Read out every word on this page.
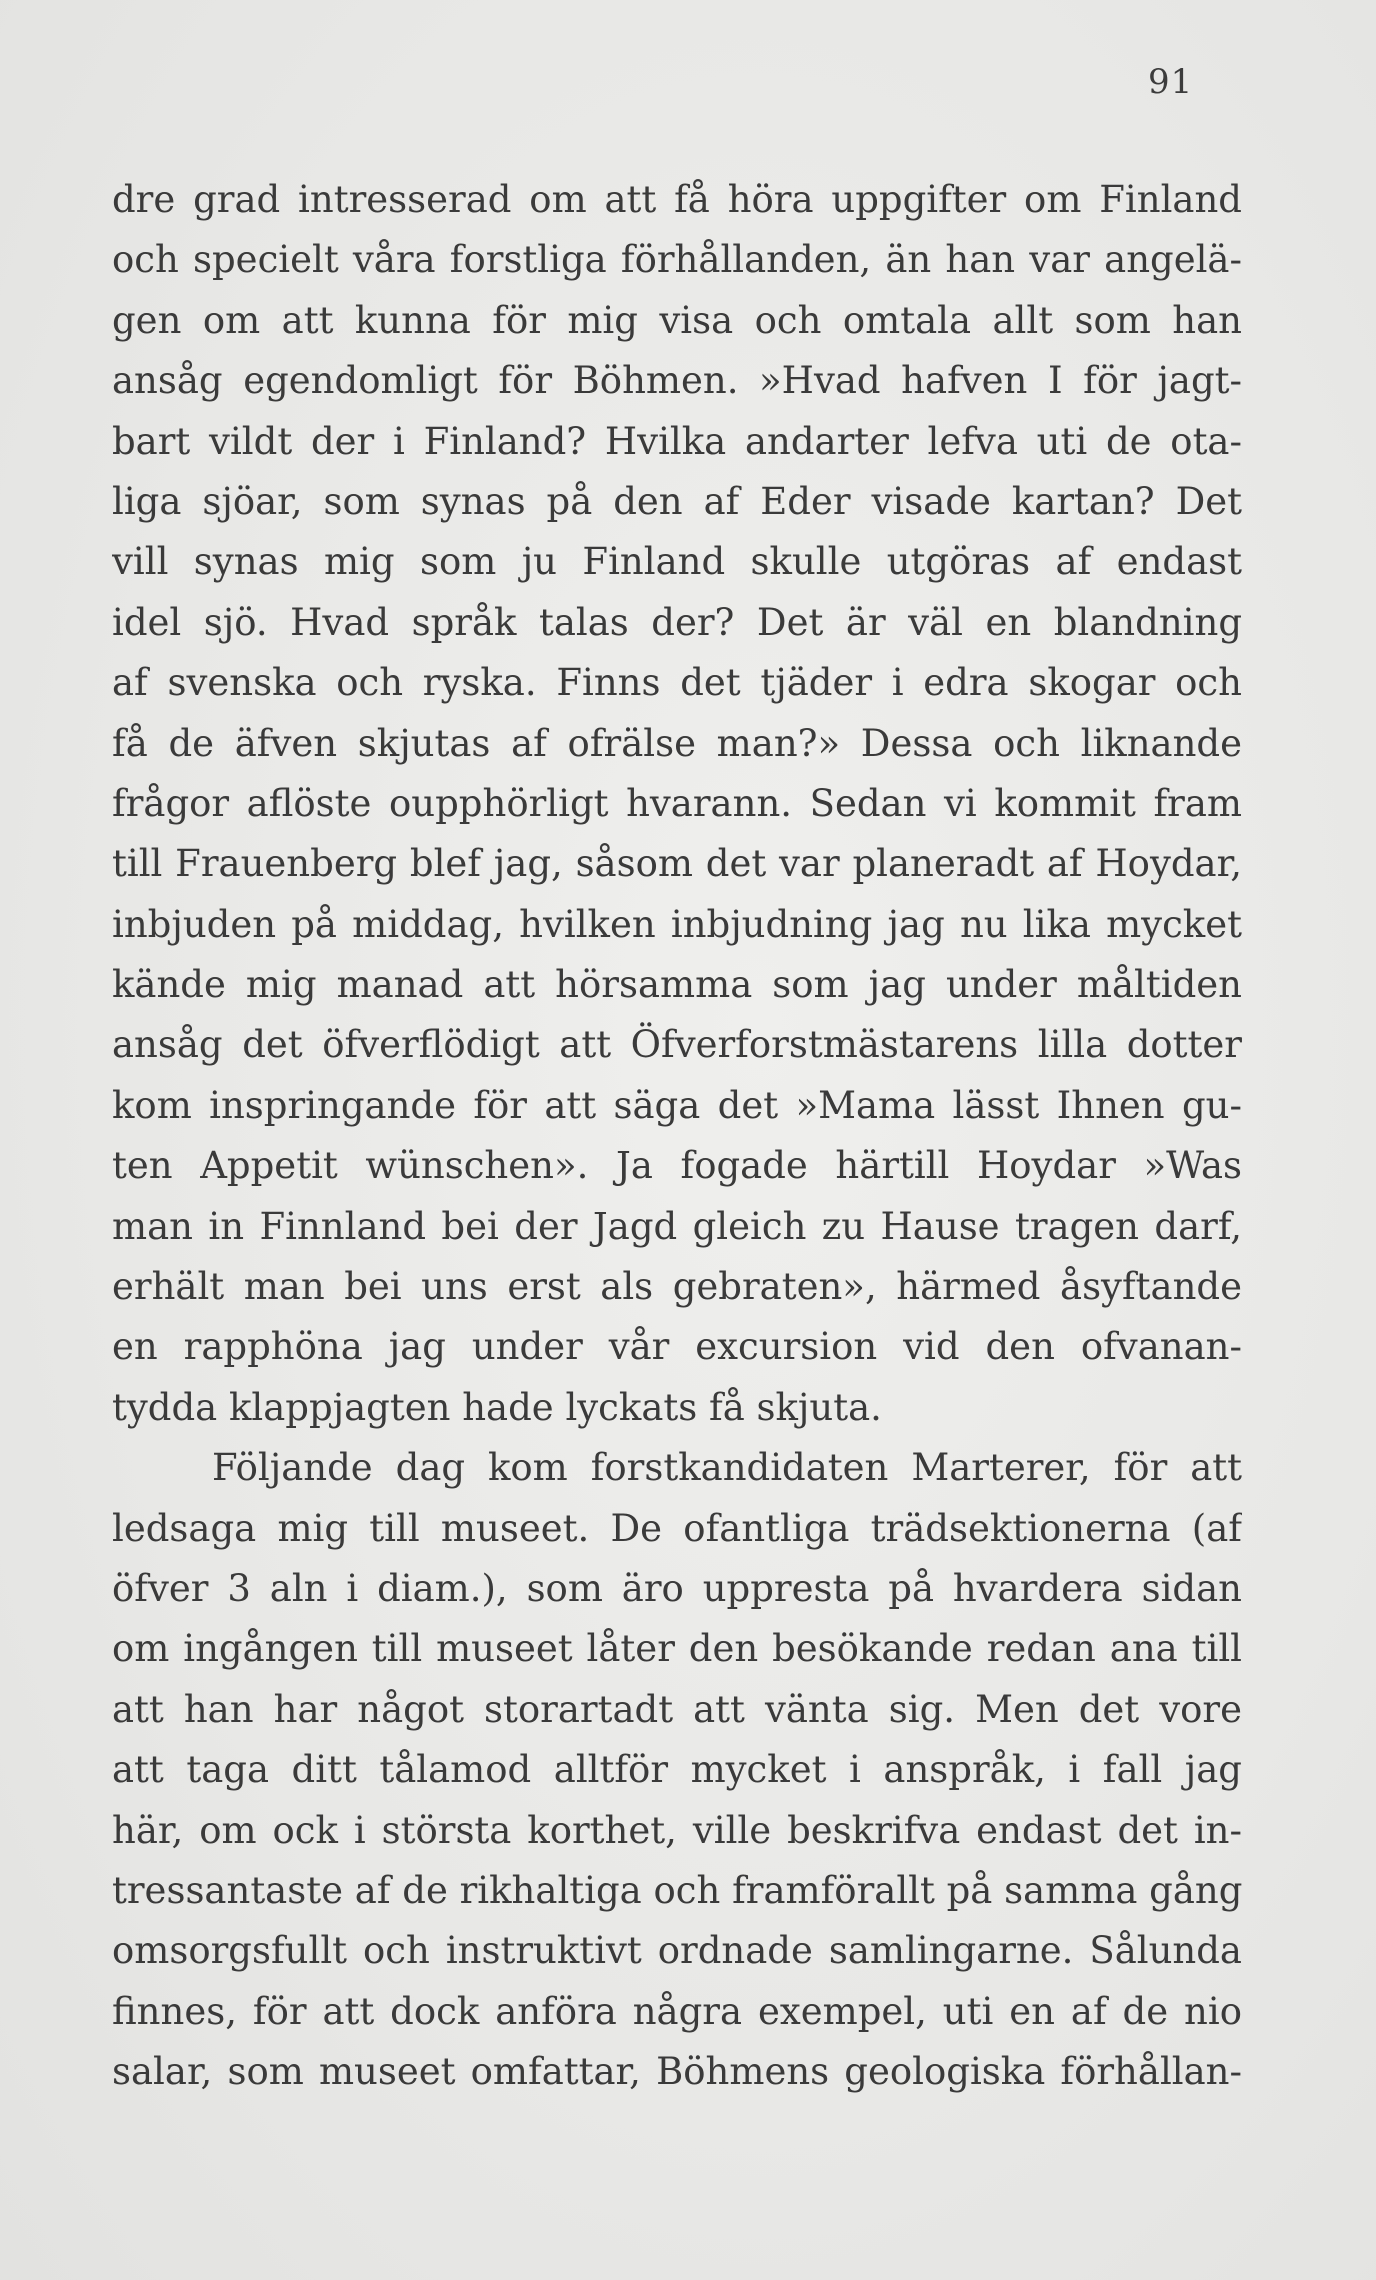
91
dre grad intresserad om att få höra uppgifter om Finland
och specielt våra forstliga förhållanden, än han var angelä-
gen om att kunna för mig visa och omtala allt som han
ansåg egendomligt för Böhmen. »Hvad hafven I för jagt-
bart vildt der i Finland? Hvilka andarter lefva uti de ota-
liga sjöar, som synas på den af Eder visade kartan? Det
vill synas mig som ju Finland skulle utgöras af endast
idel sjö. Hvad språk talas der? Det är väl en blandning
af svenska och ryska. Finns det tjäder i edra skogar och
få de äfven skjutas af ofrälse man?» Dessa och liknande
frågor aflöste oupphörligt hvarann. Sedan vi kommit fram
till Frauenberg blef jag, såsom det var planeradt af Hoydar,
inbjuden på middag, hvilken inbjudning jag nu lika mycket
kände mig manad att hörsamma som jag under måltiden
ansåg det öfverflödigt att Öfverforstmästarens lilla dotter
kom inspringande för att säga det »Mama lässt Ihnen gu-
ten Appetit wünschen». Ja fogade härtill Hoydar »Was
man in Finnland bei der Jagd gleich zu Hause tragen darf,
erhält man bei uns erst als gebraten», härmed åsyftande
en rapphöna jag under vår excursion vid den ofvanan-
tydda klappjagten hade lyckats få skjuta.
Följande dag kom forstkandidaten Marterer, för att
ledsaga mig till museet. De ofantliga trädsektionerna (af
öfver 3 aln i diam.), som äro uppresta på hvardera sidan
om ingången till museet låter den besökande redan ana till
att han har något storartadt att vänta sig. Men det vore
att taga ditt tålamod alltför mycket i anspråk, i fall jag
här, om ock i största korthet, ville beskrifva endast det in-
tressantaste af de rikhaltiga och framförallt på samma gång
omsorgsfullt och instruktivt ordnade samlingarne. Sålunda
finnes, för att dock anföra några exempel, uti en af de nio
salar, som museet omfattar, Böhmens geologiska förhållan-
